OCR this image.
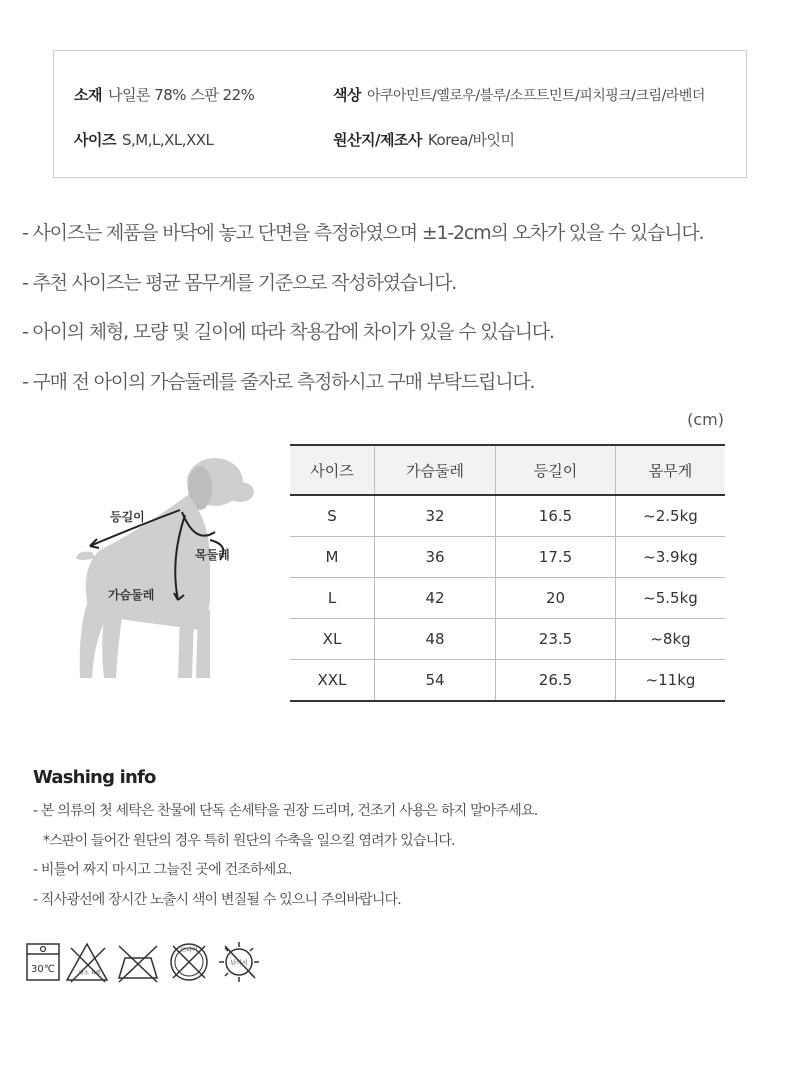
소재 나일론 78% 스판 22%	색상 아쿠아민트/옐로우/블루/소프트민트/피치핑크/크림/라벤더
사이즈 S,M,L,XL,XXL	원산지/제조사 Korea/바잇미
- 사이즈는 제품을 바닥에 놓고 단면을 측정하였으며 ±1-2cm의 오차가 있을 수 있습니다.
- 추천 사이즈는 평균 몸무게를 기준으로 작성하였습니다.
- 아이의 체형, 모량 및 길이에 따라 착용감에 차이가 있을 수 있습니다.
- 구매 전 아이의 가슴둘레를 줄자로 측정하시고 구매 부탁드립니다.
(cm)
등길이
목둘레
가슴둘레
사이즈	가슴둘레	등길이	몸무게
S	32	16.5	~2.5kg
M	36	17.5	~3.9kg
L	42	20	~5.5kg
XL	48	23.5	~8kg
XXL	54	26.5	~11kg
Washing info
- 본 의류의 첫 세탁은 찬물에 단독 손세탁을 권장 드리며, 건조기 사용은 하지 말아주세요.
*스판이 들어간 원단의 경우 특히 원단의 수축을 일으킬 염려가 있습니다.
- 비틀어 짜지 마시고 그늘진 곳에 건조하세요.
- 직사광선에 장시간 노출시 색이 변질될 수 있으니 주의바랍니다.
30℃	염소 표백
드라이
뉘어서
